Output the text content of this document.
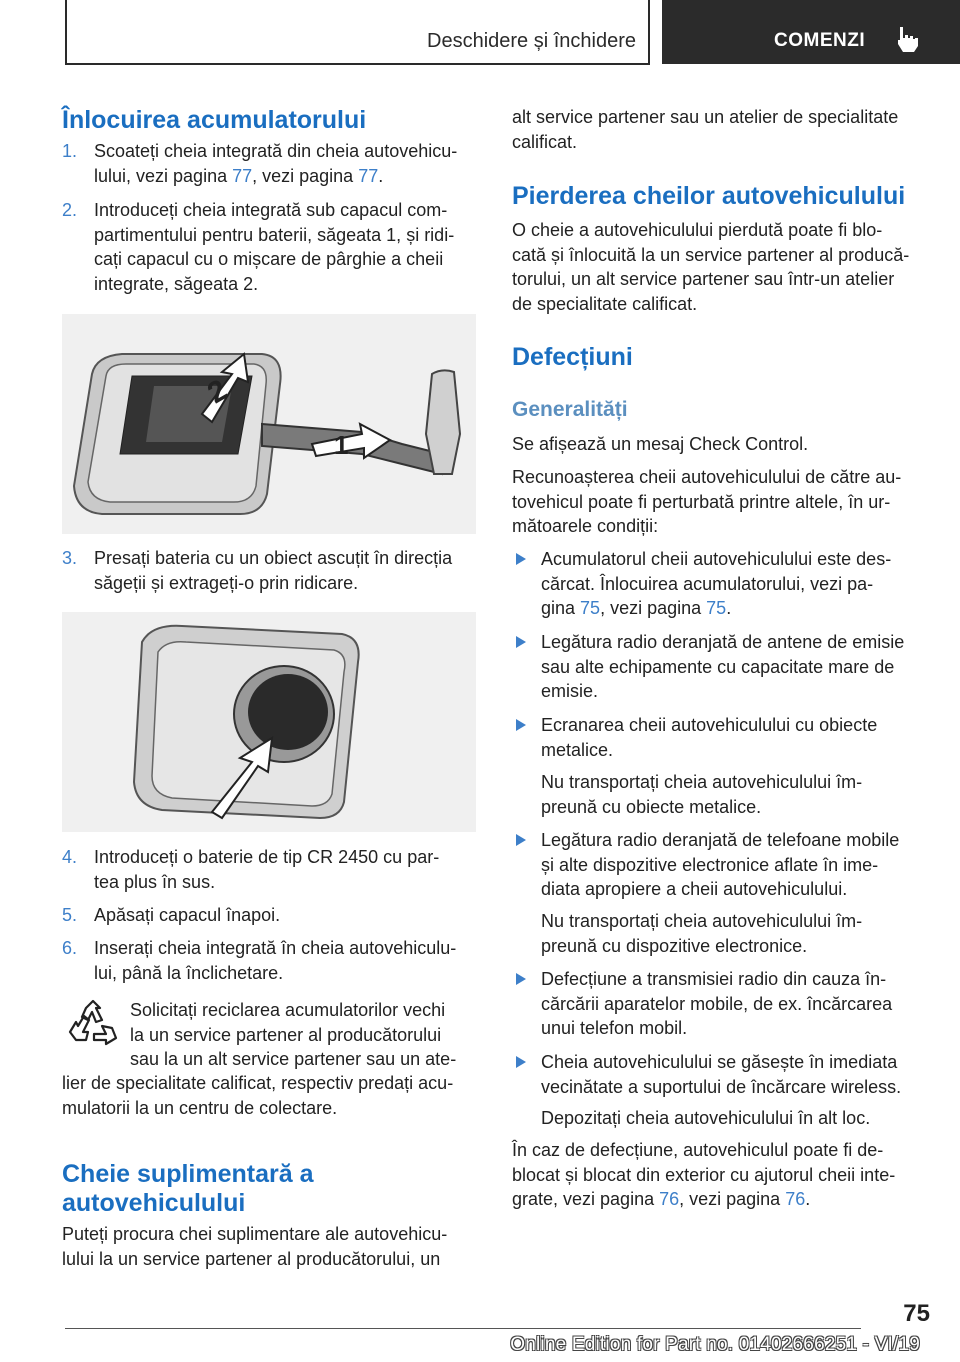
Deschidere și închidere	COMENZI
Înlocuirea acumulatorului
1. Scoateți cheia integrată din cheia autovehicu-
lului, vezi pagina 77, vezi pagina 77.
2. Introduceți cheia integrată sub capacul com-
partimentului pentru baterii, săgeata 1, și ridi-
cați capacul cu o mișcare de pârghie a cheii
integrate, săgeata 2.
2
1
3. Presați bateria cu un obiect ascuțit în direcția
săgeții și extrageți-o prin ridicare.
4. Introduceți o baterie de tip CR 2450 cu par-
tea plus în sus.
5. Apăsați capacul înapoi.
6. Inserați cheia integrată în cheia autovehiculu-
lui, până la înclichetare.
Solicitați reciclarea acumulatorilor vechi
la un service partener al producătorului
sau la un alt service partener sau un ate-
lier de specialitate calificat, respectiv predați acu-
mulatorii la un centru de colectare.
Cheie suplimentară a
autovehiculului
Puteți procura chei suplimentare ale autovehicu-
lului la un service partener al producătorului, un
alt service partener sau un atelier de specialitate
calificat.
Pierderea cheilor autovehiculului
O cheie a autovehiculului pierdută poate fi blo-
cată și înlocuită la un service partener al producă-
torului, un alt service partener sau într-un atelier
de specialitate calificat.
Defecțiuni
Generalități
Se afișează un mesaj Check Control.
Recunoașterea cheii autovehiculului de către au-
tovehicul poate fi perturbată printre altele, în ur-
mătoarele condiții:
Acumulatorul cheii autovehiculului este des-
cărcat. Înlocuirea acumulatorului, vezi pa-
gina 75, vezi pagina 75.
Legătura radio deranjată de antene de emisie
sau alte echipamente cu capacitate mare de
emisie.
Ecranarea cheii autovehiculului cu obiecte
metalice.
Nu transportați cheia autovehiculului îm-
preună cu obiecte metalice.
Legătura radio deranjată de telefoane mobile
și alte dispozitive electronice aflate în ime-
diata apropiere a cheii autovehiculului.
Nu transportați cheia autovehiculului îm-
preună cu dispozitive electronice.
Defecțiune a transmisiei radio din cauza în-
cărcării aparatelor mobile, de ex. încărcarea
unui telefon mobil.
Cheia autovehiculului se găsește în imediata
vecinătate a suportului de încărcare wireless.
Depozitați cheia autovehiculului în alt loc.
În caz de defecțiune, autovehiculul poate fi de-
blocat și blocat din exterior cu ajutorul cheii inte-
grate, vezi pagina 76, vezi pagina 76.
75
Online Edition for Part no. 01402666251 - VI/19
